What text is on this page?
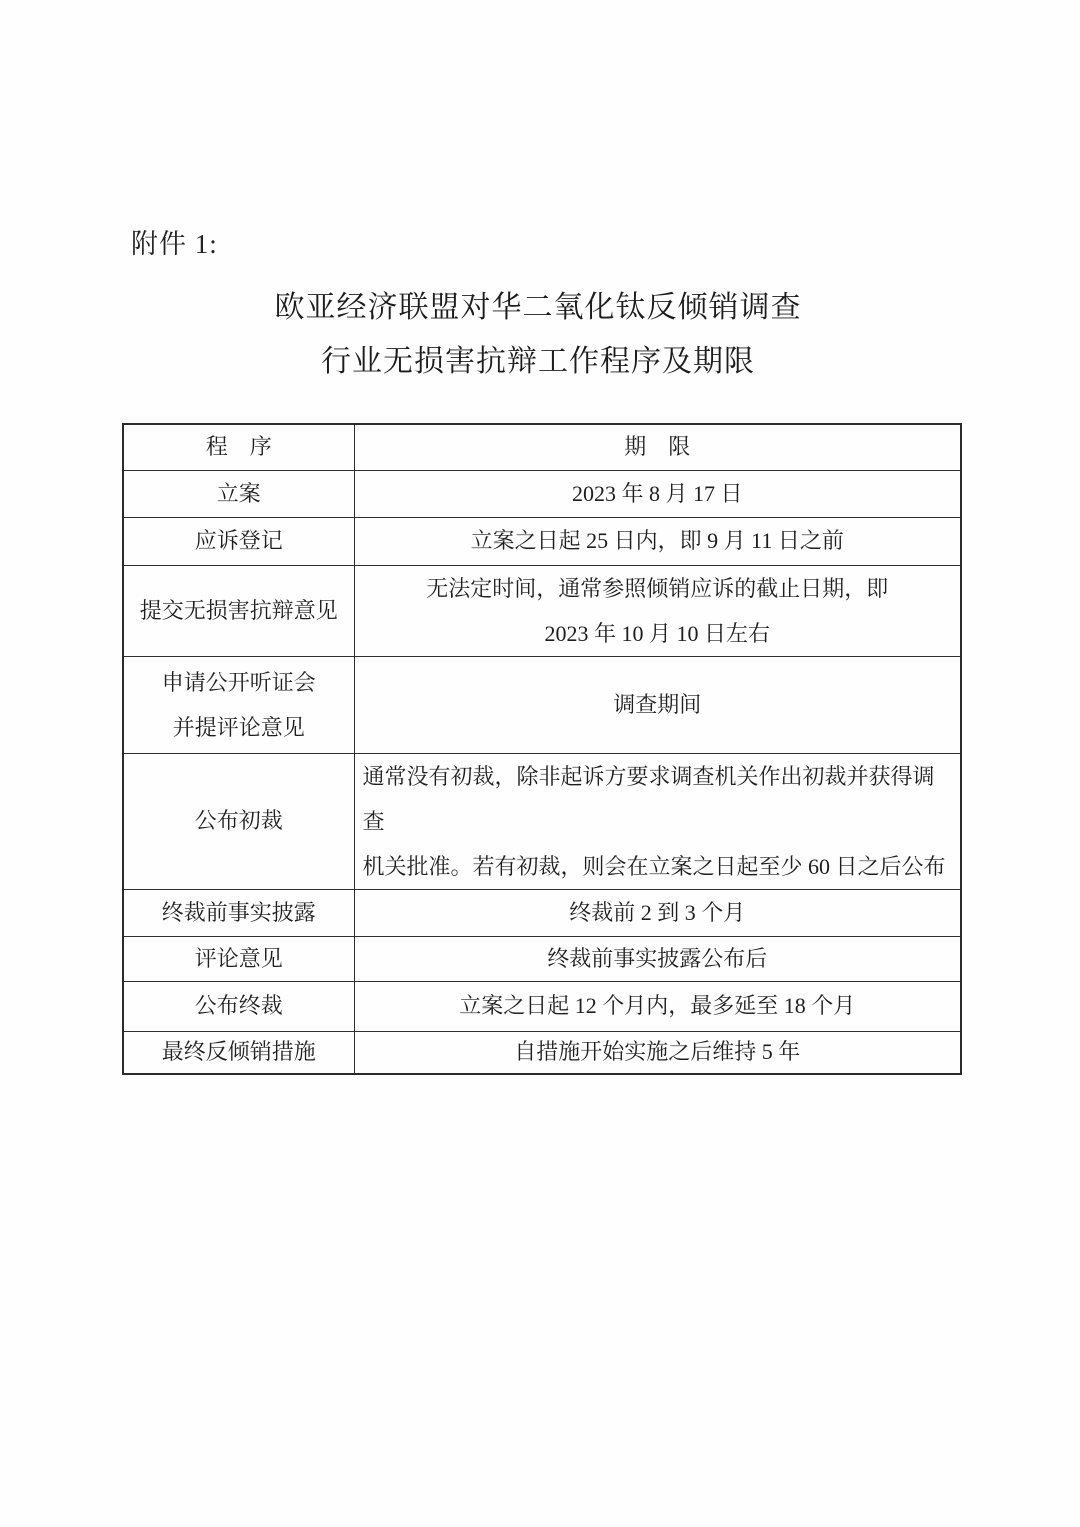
附件 1:
欧亚经济联盟对华二氧化钛反倾销调查
行业无损害抗辩工作程序及期限
程　序	期　限
立案	2023 年 8 月 17 日
应诉登记	立案之日起 25 日内，即 9 月 11 日之前
提交无损害抗辩意见	无法定时间，通常参照倾销应诉的截止日期，即
2023 年 10 月 10 日左右

申请公开听证会
并提评论意见	调查期间
公布初裁	通常没有初裁，除非起诉方要求调查机关作出初裁并获得调查
机关批准。若有初裁，则会在立案之日起至少 60 日之后公布

终裁前事实披露	终裁前 2 到 3 个月
评论意见	终裁前事实披露公布后
公布终裁	立案之日起 12 个月内，最多延至 18 个月
最终反倾销措施	自措施开始实施之后维持 5 年
